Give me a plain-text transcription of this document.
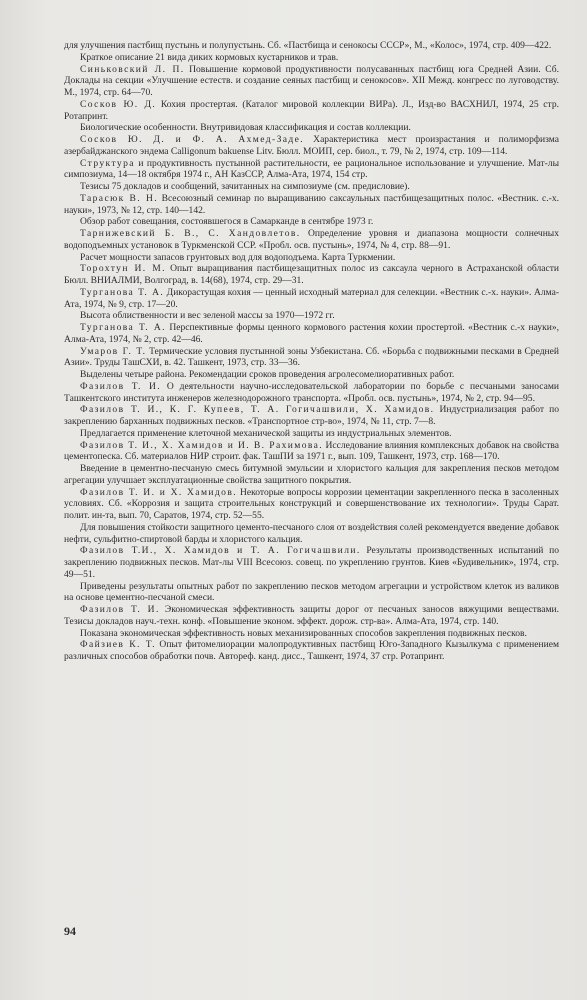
для улучшения пастбищ пустынь и полупустынь. Сб. «Пастбища и сенокосы СССР», М., «Колос», 1974, стр. 409—422.

Краткое описание 21 вида диких кормовых кустарников и трав.

Синьковский Л. П. Повышение кормовой продуктивности полусаванных пастбищ юга Средней Азии. Сб. Доклады на секции «Улучшение естеств. и создание сеяных пастбищ и сенокосов». XII Межд. конгресс по луговодству. М., 1974, стр. 64—70.

Сосков Ю. Д. Кохия простертая. (Каталог мировой коллекции ВИРа). Л., Изд-во ВАСХНИЛ, 1974, 25 стр. Ротапринт.

Биологические особенности. Внутривидовая классификация и состав коллекции.

Сосков Ю. Д. и Ф. А. Ахмед-Заде. Характеристика мест произрастания и полиморфизма азербайджанского эндема Calligonum bakuense Litv. Бюлл. МОИП, сер. биол., т. 79, № 2, 1974, стр. 109—114.

Структура и продуктивность пустынной растительности, ее рациональное использование и улучшение. Мат-лы симпозиума, 14—18 октября 1974 г., АН КазССР, Алма-Ата, 1974, 154 стр.

Тезисы 75 докладов и сообщений, зачитанных на симпозиуме (см. предисловие).

Тарасюк В. Н. Всесоюзный семинар по выращиванию саксаульных пастбищезащитных полос. «Вестник. с.-х. науки», 1973, № 12, стр. 140—142.

Обзор работ совещания, состоявшегося в Самарканде в сентябре 1973 г.

Тарнижевский Б. В., С. Хандовлетов. Определение уровня и диапазона мощности солнечных водоподъемных установок в Туркменской ССР. «Пробл. осв. пустынь», 1974, № 4, стр. 88—91.

Расчет мощности запасов грунтовых вод для водоподъема. Карта Туркмении.

Торохтун И. М. Опыт выращивания пастбищезащитных полос из саксаула черного в Астраханской области Бюлл. ВНИАЛМИ, Волгоград, в. 14(68), 1974, стр. 29—31.

Турганова Т. А. Дикорастущая кохия — ценный исходный материал для селекции. «Вестник с.-х. науки». Алма-Ата, 1974, № 9, стр. 17—20.

Высота облиственности и вес зеленой массы за 1970—1972 гг.

Турганова Т. А. Перспективные формы ценного кормового растения кохии простертой. «Вестник с.-х науки», Алма-Ата, 1974, № 2, стр. 42—46.

Умаров Г. Т. Термические условия пустынной зоны Узбекистана. Сб. «Борьба с подвижными песками в Средней Азии». Труды ТашСХИ, в. 42. Ташкент, 1973, стр. 33—36.

Выделены четыре района. Рекомендации сроков проведения агролесомелиоративных работ.

Фазилов Т. И. О деятельности научно-исследовательской лаборатории по борьбе с песчаными заносами Ташкентского института инженеров железнодорожного транспорта. «Пробл. осв. пустынь», 1974, № 2, стр. 94—95.

Фазилов Т. И., К. Г. Купеев, Т. А. Гогичашвили, Х. Хамидов. Индустриализация работ по закреплению барханных подвижных песков. «Транспортное стр-во», 1974, № 11, стр. 7—8.

Предлагается применение клеточной механической защиты из индустриальных элементов.

Фазилов Т. И., Х. Хамидов и И. В. Рахимова. Исследование влияния комплексных добавок на свойства цементопеска. Сб. материалов НИР строит. фак. ТашПИ за 1971 г., вып. 109, Ташкент, 1973, стр. 168—170.

Введение в цементно-песчаную смесь битумной эмульсии и хлористого кальция для закрепления песков методом агрегации улучшает эксплуатационные свойства защитного покрытия.

Фазилов Т. И. и Х. Хамидов. Некоторые вопросы коррозии цементации закрепленного песка в засоленных условиях. Сб. «Коррозия и защита строительных конструкций и совершенствование их технологии». Труды Сарат. полит. ин-та, вып. 70, Саратов, 1974, стр. 52—55.

Для повышения стойкости защитного цементо-песчаного слоя от воздействия солей рекомендуется введение добавок нефти, сульфитно-спиртовой барды и хлористого кальция.

Фазилов Т.И., Х. Хамидов и Т. А. Гогичашвили. Результаты производственных испытаний по закреплению подвижных песков. Мат-лы VIII Всесоюз. совещ. по укреплению грунтов. Киев «Будивельник», 1974, стр. 49—51.

Приведены результаты опытных работ по закреплению песков методом агрегации и устройством клеток из валиков на основе цементно-песчаной смеси.

Фазилов Т. И. Экономическая эффективность защиты дорог от песчаных заносов вяжущими веществами. Тезисы докладов науч.-техн. конф. «Повышение эконом. эффект. дорож. стр-ва». Алма-Ата, 1974, стр. 140.

Показана экономическая эффективность новых механизированных способов закрепления подвижных песков.

Файзиев К. Т. Опыт фитомелиорации малопродуктивных пастбищ Юго-Западного Кызылкума с применением различных способов обработки почв. Автореф. канд. дисс., Ташкент, 1974, 37 стр. Ротапринт.

94
